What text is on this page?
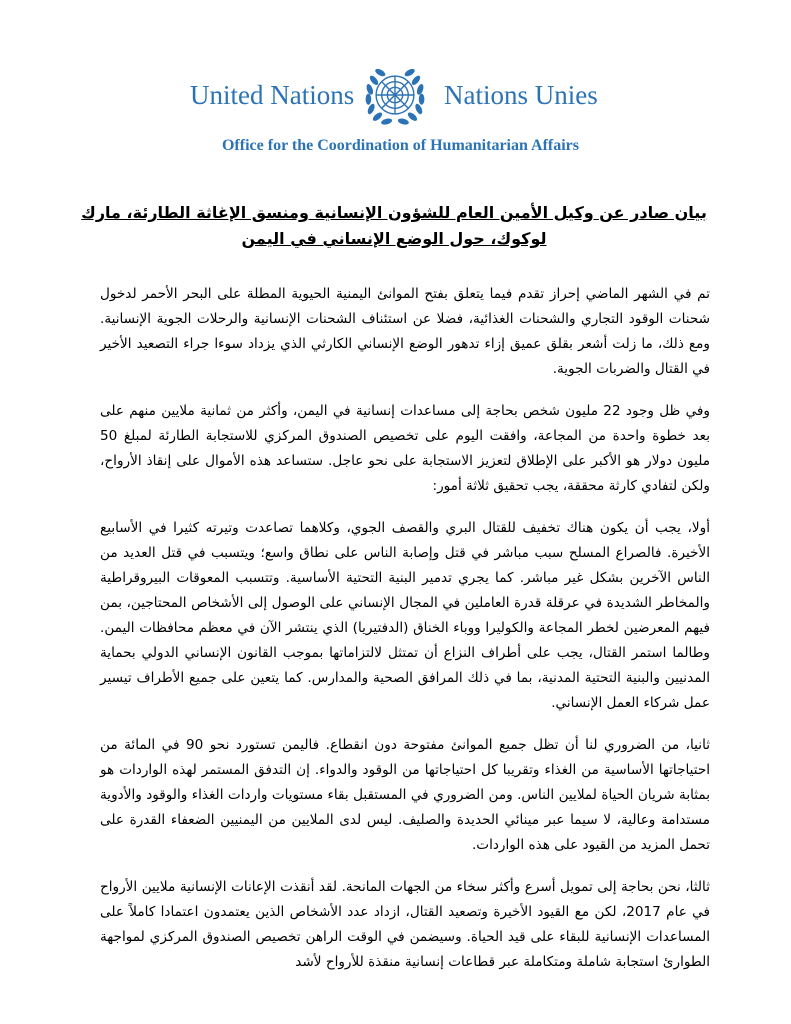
United Nations	Nations Unies
Office for the Coordination of Humanitarian Affairs
بيان صادر عن وكيل الأمين العام للشؤون الإنسانية ومنسق الإغاثة الطارئة، مارك لوكوك، حول الوضع الإنساني في اليمن

تم في الشهر الماضي إحراز تقدم فيما يتعلق بفتح الموانئ اليمنية الحيوية المطلة على البحر الأحمر لدخول شحنات الوقود التجاري والشحنات الغذائية، فضلا عن استئناف الشحنات الإنسانية والرحلات الجوية الإنسانية. ومع ذلك، ما زلت أشعر بقلق عميق إزاء تدهور الوضع الإنساني الكارثي الذي يزداد سوءا جراء التصعيد الأخير في القتال والضربات الجوية.

وفي ظل وجود 22 مليون شخص بحاجة إلى مساعدات إنسانية في اليمن، وأكثر من ثمانية ملايين منهم على بعد خطوة واحدة من المجاعة، وافقت اليوم على تخصيص الصندوق المركزي للاستجابة الطارئة لمبلغ 50 مليون دولار هو الأكبر على الإطلاق لتعزيز الاستجابة على نحو عاجل. ستساعد هذه الأموال على إنقاذ الأرواح، ولكن لتفادي كارثة محققة، يجب تحقيق ثلاثة أمور:

أولا، يجب أن يكون هناك تخفيف للقتال البري والقصف الجوي، وكلاهما تصاعدت وتيرته كثيرا في الأسابيع الأخيرة. فالصراع المسلح سبب مباشر في قتل وإصابة الناس على نطاق واسع؛ ويتسبب في قتل العديد من الناس الآخرين بشكل غير مباشر. كما يجري تدمير البنية التحتية الأساسية. وتتسبب المعوقات البيروقراطية والمخاطر الشديدة في عرقلة قدرة العاملين في المجال الإنساني على الوصول إلى الأشخاص المحتاجين، بمن فيهم المعرضين لخطر المجاعة والكوليرا ووباء الخناق (الدفتيريا) الذي ينتشر الآن في معظم محافظات اليمن. وطالما استمر القتال، يجب على أطراف النزاع أن تمتثل لالتزاماتها بموجب القانون الإنساني الدولي بحماية المدنيين والبنية التحتية المدنية، بما في ذلك المرافق الصحية والمدارس. كما يتعين على جميع الأطراف تيسير عمل شركاء العمل الإنساني.

ثانيا، من الضروري لنا أن تظل جميع الموانئ مفتوحة دون انقطاع. فاليمن تستورد نحو 90 في المائة من احتياجاتها الأساسية من الغذاء وتقريبا كل احتياجاتها من الوقود والدواء. إن التدفق المستمر لهذه الواردات هو بمثابة شريان الحياة لملايين الناس. ومن الضروري في المستقبل بقاء مستويات واردات الغذاء والوقود والأدوية مستدامة وعالية، لا سيما عبر مينائي الحديدة والصليف. ليس لدى الملايين من اليمنيين الضعفاء القدرة على تحمل المزيد من القيود على هذه الواردات.

ثالثا، نحن بحاجة إلى تمويل أسرع وأكثر سخاء من الجهات المانحة. لقد أنقذت الإعانات الإنسانية ملايين الأرواح في عام 2017، لكن مع القيود الأخيرة وتصعيد القتال، ازداد عدد الأشخاص الذين يعتمدون اعتمادا كاملاً على المساعدات الإنسانية للبقاء على قيد الحياة. وسيضمن في الوقت الراهن تخصيص الصندوق المركزي لمواجهة الطوارئ استجابة شاملة ومتكاملة عبر قطاعات إنسانية منقذة للأرواح لأشد
